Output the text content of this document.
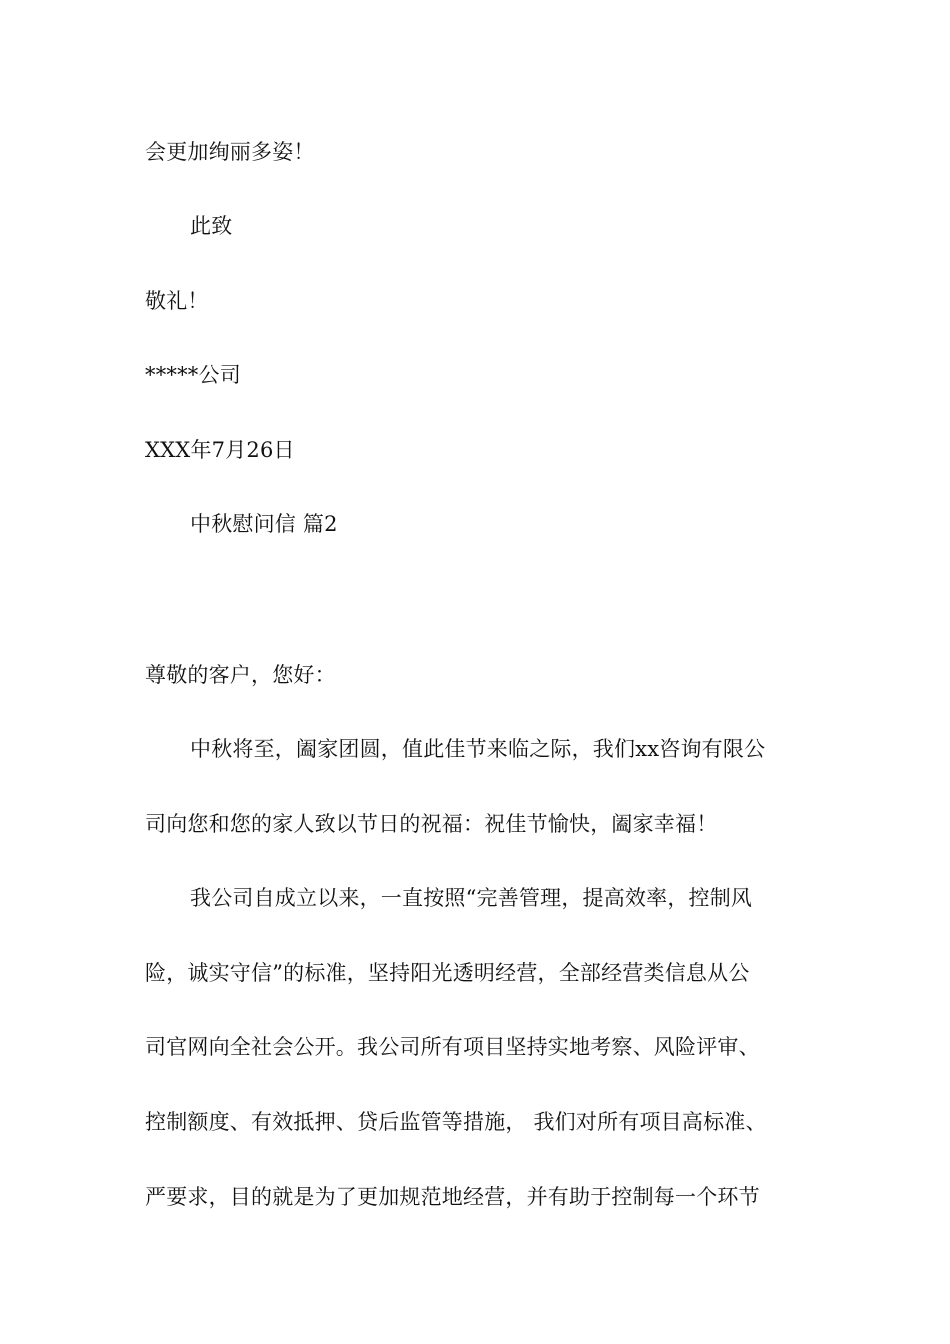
会更加绚丽多姿！
此致
敬礼！
*****公司
XXX年7月26日
中秋慰问信 篇2
尊敬的客户，您好：
中秋将至，阖家团圆，值此佳节来临之际，我们xx咨询有限公
司向您和您的家人致以节日的祝福：祝佳节愉快，阖家幸福！
我公司自成立以来，一直按照“完善管理，提高效率，控制风
险，诚实守信”的标准，坚持阳光透明经营，全部经营类信息从公
司官网向全社会公开。我公司所有项目坚持实地考察、风险评审、
控制额度、有效抵押、贷后监管等措施， 我们对所有项目高标准、
严要求，目的就是为了更加规范地经营，并有助于控制每一个环节
